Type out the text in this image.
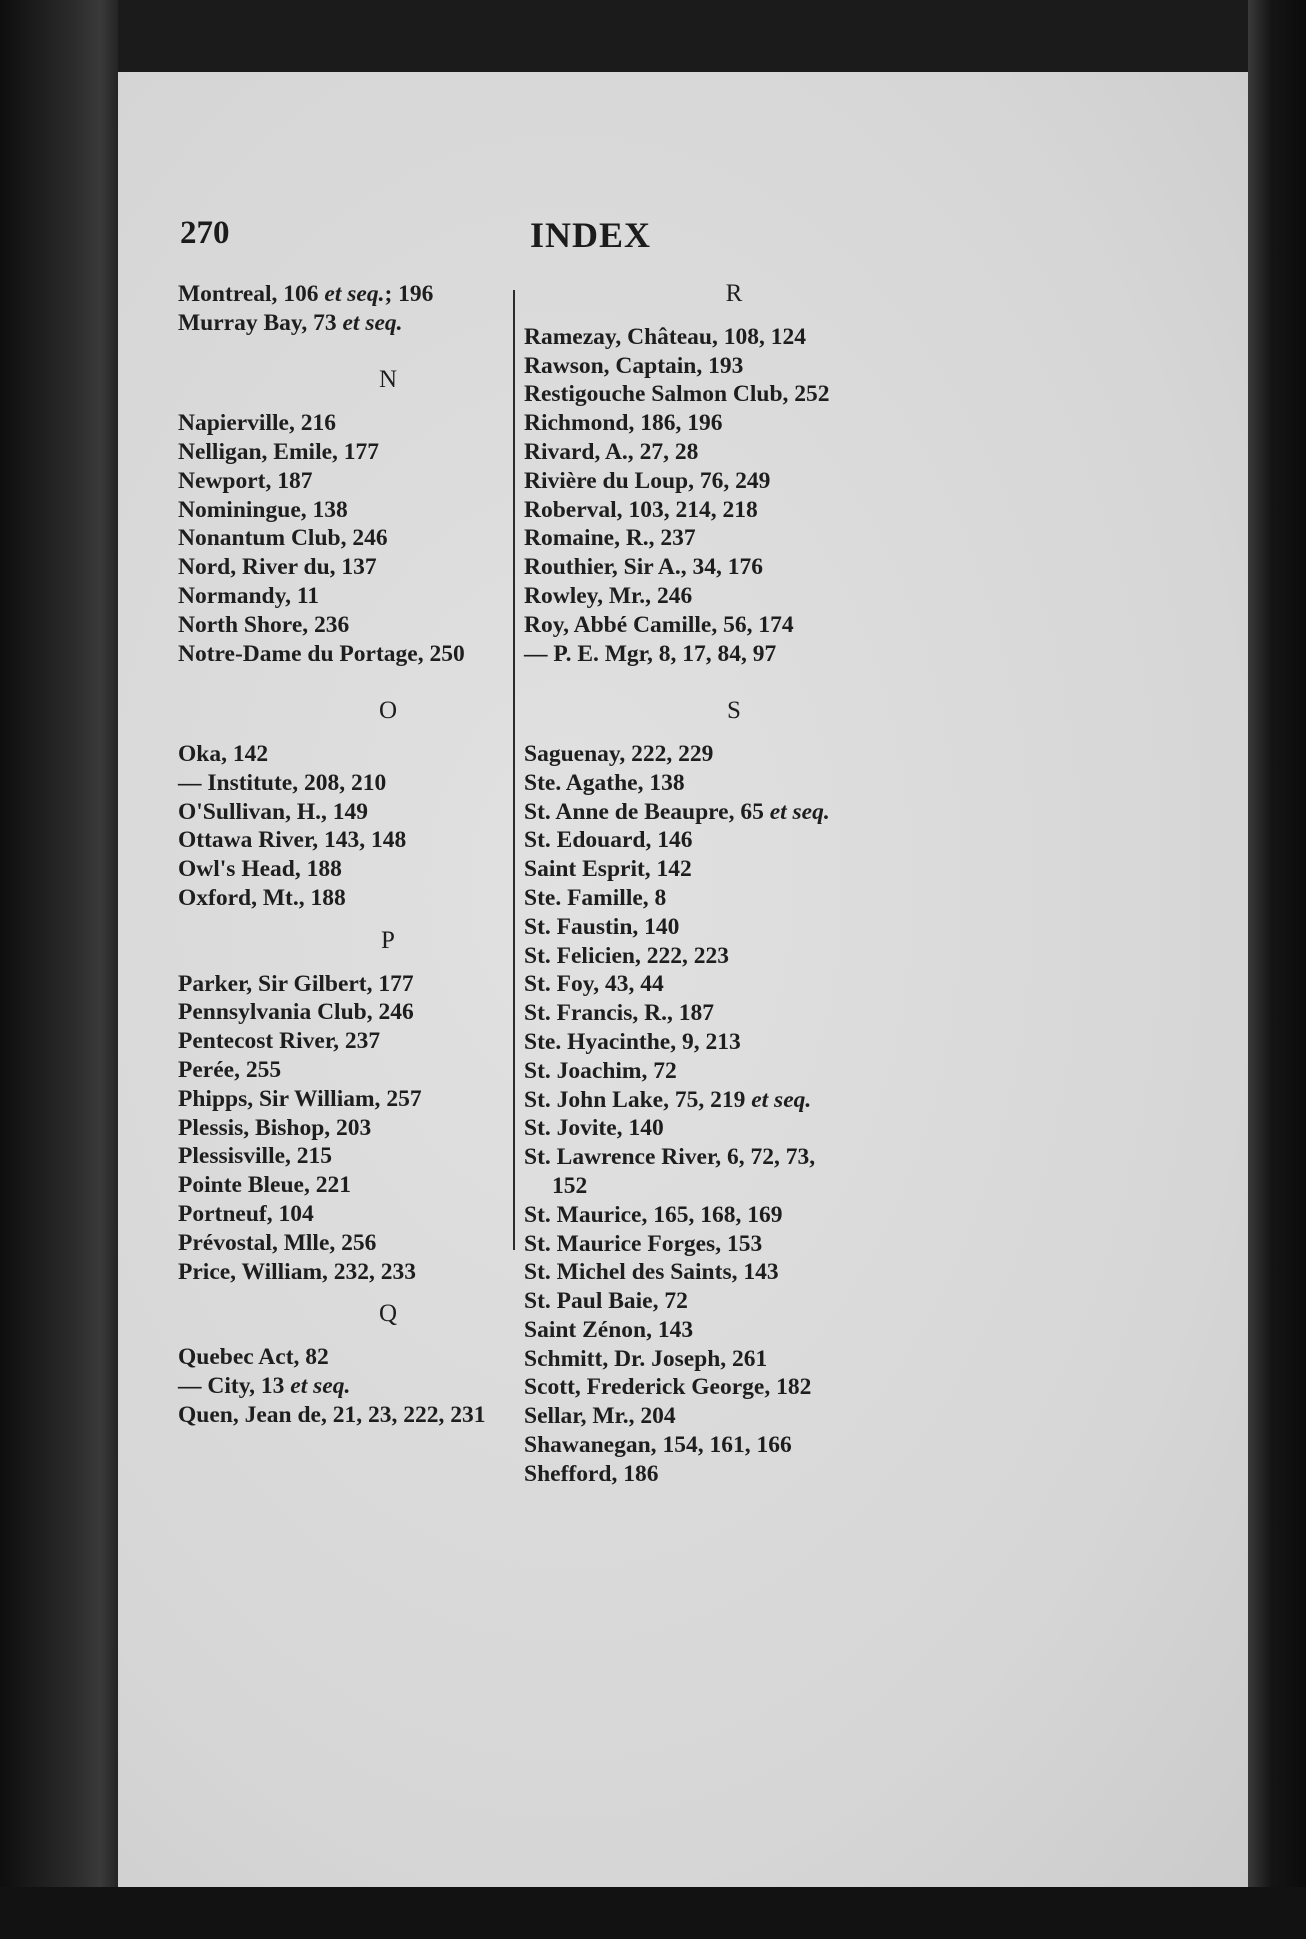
270	INDEX
Montreal, 106 et seq.; 196
Murray Bay, 73 et seq.
N
Napierville, 216
Nelligan, Emile, 177
Newport, 187
Nominingue, 138
Nonantum Club, 246
Nord, River du, 137
Normandy, 11
North Shore, 236
Notre-Dame du Portage, 250
O
Oka, 142
— Institute, 208, 210
O'Sullivan, H., 149
Ottawa River, 143, 148
Owl's Head, 188
Oxford, Mt., 188
P
Parker, Sir Gilbert, 177
Pennsylvania Club, 246
Pentecost River, 237
Perée, 255
Phipps, Sir William, 257
Plessis, Bishop, 203
Plessisville, 215
Pointe Bleue, 221
Portneuf, 104
Prévostal, Mlle, 256
Price, William, 232, 233
Q
Quebec Act, 82
— City, 13 et seq.
Quen, Jean de, 21, 23, 222, 231
R
Ramezay, Château, 108, 124
Rawson, Captain, 193
Restigouche Salmon Club, 252
Richmond, 186, 196
Rivard, A., 27, 28
Rivière du Loup, 76, 249
Roberval, 103, 214, 218
Romaine, R., 237
Routhier, Sir A., 34, 176
Rowley, Mr., 246
Roy, Abbé Camille, 56, 174
— P. E. Mgr, 8, 17, 84, 97
S
Saguenay, 222, 229
Ste. Agathe, 138
St. Anne de Beaupre, 65 et seq.
St. Edouard, 146
Saint Esprit, 142
Ste. Famille, 8
St. Faustin, 140
St. Felicien, 222, 223
St. Foy, 43, 44
St. Francis, R., 187
Ste. Hyacinthe, 9, 213
St. Joachim, 72
St. John Lake, 75, 219 et seq.
St. Jovite, 140
St. Lawrence River, 6, 72, 73,
152
St. Maurice, 165, 168, 169
St. Maurice Forges, 153
St. Michel des Saints, 143
St. Paul Baie, 72
Saint Zénon, 143
Schmitt, Dr. Joseph, 261
Scott, Frederick George, 182
Sellar, Mr., 204
Shawanegan, 154, 161, 166
Shefford, 186
